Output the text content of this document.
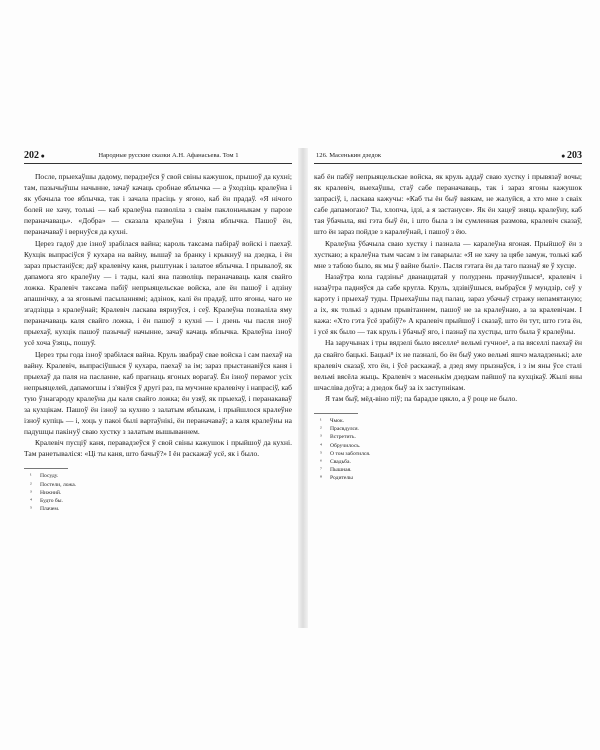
202 ●	Народные русские сказки А.Н. Афанасьева. Том 1

После, прыехаўшы дадому, перадзеўся ў свой свіны кажушок, прышоў да кухні; там, пазычыўшы начынне, зачаў качаць сробнае яблычка — а ўходзіць кралеўна і як убачыла тое яблычка, так і зачала прасіць у ягоно, каб ён прадаў. «Я нічого болей не хачу, толькі — каб кралеўна пазволіла з сваім паклоньчыкам у парозе пераначаваць». «Добра» — сказала кралеўна і ўзяла яблычка. Пашоў ён, пераначаваў і вернуўся да кухні.

Церез гадоў дзе ізноў зрабілася вайна; кароль таксама пабіраў войскі і паехаў. Кухцік выпрасіўся ў кухара на вайну, вышаў за бранку і крыкнуў на дзедка, і ён зараз прыстаніўся; даў кралевічу каня, рыштунак і залатое яблычка. І прывалоў, як дапамога яго кралеўну — і тады, калі яна пазволіць пераначаваць каля свайго ложка. Кралевіч таксама пабіў непрыяцельскае войска, але ён пашоў і адзіну апашнічку, а за ягонымі пасыланнямі; адзінок, калі ён прадаў, што ягоны, чаго не згадзіцца з кралеўнай; Кралевіч ласкава вярнуўся, і сеў. Кралеўна позваліла яму пераначаваць каля свайго ложка, і ён пашоў з кухні — і дзень чы пасля зноў прыехаў, кухцік пашоў пазычыў начынне, зачаў качаць яблычка. Кралеўна ізноў усё хоча ўзяць, пошуў.

Церез тры года ізноў зрабілася вайна. Круль звабраў свае войска і сам паехаў на вайну. Кралевіч, выпрасіўшыся ў кухара, паехаў за ім; зараз прыстанавіўся каня і прыехаў да паля на пасланне, каб прагнаць ягоных ворагаў. Ён ізноў перамог усіх непрыяцелей, дапамогшы і з'явіўся ў другі раз, па мучэнне кралевічу і напрасіў, каб тую ўзнагароду кралеўна ды каля свайго ложка; ён узяў, як прыехаў, і перанакаваў за кухцікам. Пашоў ён ізноў за кухню з залатым яблыкам, і прыйшлося кралеўне ізноў купіць — і, хоць у пакоі былі вартаўнікі, ён пераначаваў; а каля кралеўны на падушцы пакінуў сваю хустку з залатым вышываннем.

Кралевіч пусціў каня, перавадзеўся ў свой свіны кажушок і прыйшоў да кухні. Там ранетываліся: «Ці ты каня, што бачыў?» І ён раскажаў усё, як і было.

¹ Посуду.
² Постели, ложа.
³ Нижний.
⁴ Будто бы.
⁵ Плачем.
126. Масенькин дзедок	● 203

каб ён пабіў непрыяцельскае войска, як круль аддаў сваю хустку і прывязаў вочы; як кралевіч, выехаўшы, стаў сабе пераначаваць, так і зараз ягоны кажушок запрасіў, і, ласкава кажучы: «Каб ты ён быў ваякам, не жалуйся, а хто мне з сваіх сабе дапамогаю? Ты, хлопча, ідзі, а я застануся». Як ён хацеў зняць кралеўну, каб тая ўбачыла, які гэта быў ён, і што была з ім сумленная размова, кралевіч сказаў, што ён зараз пойдзе з каралеўнай, і пашоў з ёю.

Кралеўна ўбачыла сваю хустку і пазнала — каралеўна ягоная. Прыйшоў ён з хусткаю; а кралеўна тым часам з ім гаварыла: «Я не хачу за цябе замуж, толькі каб мне з табою было, як мы ў вайне былі». Пасля гэтага ён да таго пазнаў яе ў хусце.

Назаўтра кола гадзіны² дванаццатай у полудзень прачнуўшыся³, кралевіч і назаўтра падняўся да сабе кругла. Круль, здзівіўшыся, выбраўся ў мундзір, сеў у карэту і прыехаў туды. Прыехаўшы пад палац, зараз убачыў стражу непамятаную; а іх, як толькі з адным прывітаннем, пашоў не за кралеўнаю, а за кралевічам. І кажа: «Хто гэта ўсё зрабіў?» А кралевіч прыйшоў і сказаў, што ён тут, што гэта ён, і усё як было — так круль і ўбачыў яго, і пазнаў па хустцы, што была ў кралеўны.

На заручынах і тры вядзелі было вяселле¹ вельмі гучное², а па вяселлі паехаў ён да свайго бацькі. Бацькі⁸ іх не пазналі, бо ён быў ужо вельмі яшчэ маладзенькі; але кралевіч сказаў, хто ён, і ўсё раскажаў, а дзед яму прызнаўся, і з ім яны ўсе сталі вельмі вясёла жыць. Кралевіч з масенькім дзедкам пайшоў па кухцікаў. Жылі яны шчасліва доўга; а дзедок быў за іх заступнікам.

Я там быў, мёд-віно піў; па барадзе цякло, а ў роце не было.

¹ Чмок.
² Прасвдулся.
³ Встретить.
⁴ Обручилось.
⁵ О том заботился.
⁶ Свадьба.
⁷ Пышная.
⁸ Родителы
